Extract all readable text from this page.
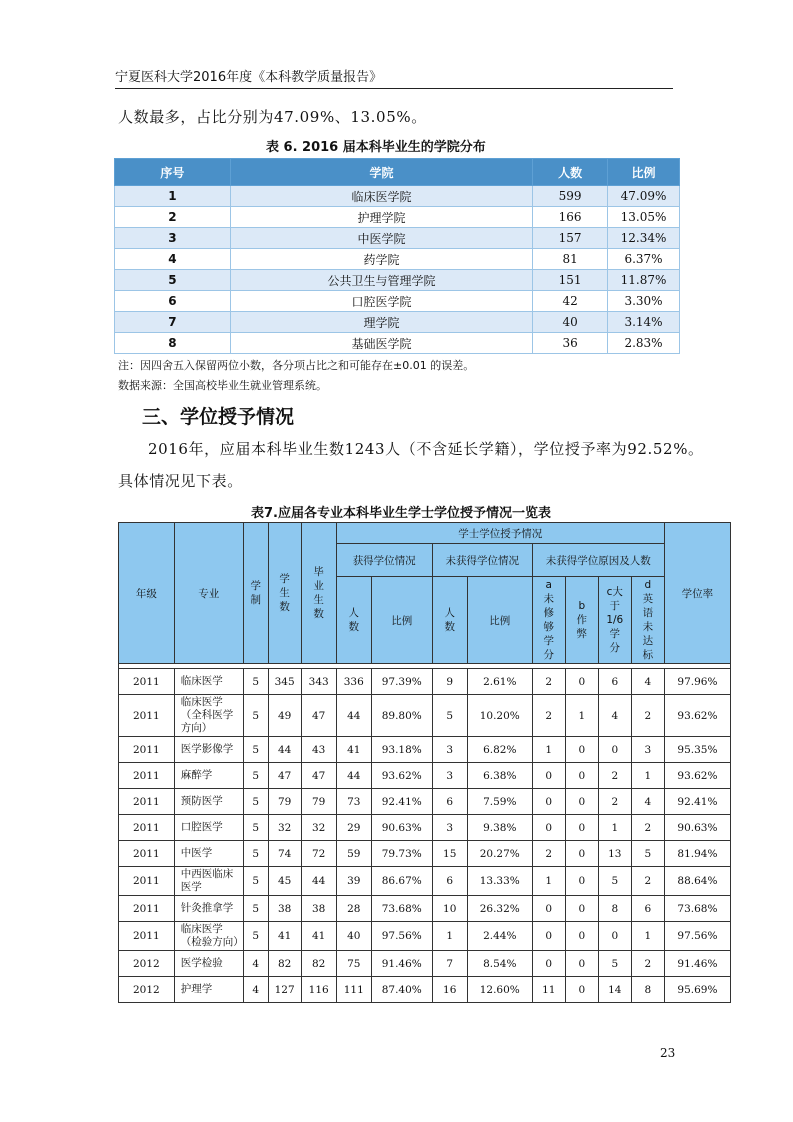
宁夏医科大学2016年度《本科教学质量报告》
人数最多，占比分别为47.09%、13.05%。
表 6. 2016 届本科毕业生的学院分布
序号	学院	人数	比例
1	临床医学院	599	47.09%
2	护理学院	166	13.05%
3	中医学院	157	12.34%
4	药学院	81	6.37%
5	公共卫生与管理学院	151	11.87%
6	口腔医学院	42	3.30%
7	理学院	40	3.14%
8	基础医学院	36	2.83%
注：因四舍五入保留两位小数，各分项占比之和可能存在±0.01 的误差。
数据来源：全国高校毕业生就业管理系统。
三、学位授予情况
2016年，应届本科毕业生数1243人（不含延长学籍），学位授予率为92.52%。
具体情况见下表。
表7.应届各专业本科毕业生学士学位授予情况一览表
年级	专业	学制	学生数	毕业生数	学士学位授予情况								学位率
					获得学位情况		未获得学位情况		未获得学位原因及人数				
					人数	比例	人数	比例	a未修够学分	b作弊	c大于1/6学分	d英语未达标	

2011	临床医学	5	345	343	336	97.39%	9	2.61%	2	0	6	4	97.96%
2011	临床医学（全科医学方向）	5	49	47	44	89.80%	5	10.20%	2	1	4	2	93.62%
2011	医学影像学	5	44	43	41	93.18%	3	6.82%	1	0	0	3	95.35%
2011	麻醉学	5	47	47	44	93.62%	3	6.38%	0	0	2	1	93.62%
2011	预防医学	5	79	79	73	92.41%	6	7.59%	0	0	2	4	92.41%
2011	口腔医学	5	32	32	29	90.63%	3	9.38%	0	0	1	2	90.63%
2011	中医学	5	74	72	59	79.73%	15	20.27%	2	0	13	5	81.94%
2011	中西医临床医学	5	45	44	39	86.67%	6	13.33%	1	0	5	2	88.64%
2011	针灸推拿学	5	38	38	28	73.68%	10	26.32%	0	0	8	6	73.68%
2011	临床医学（检验方向）	5	41	41	40	97.56%	1	2.44%	0	0	0	1	97.56%
2012	医学检验	4	82	82	75	91.46%	7	8.54%	0	0	5	2	91.46%
2012	护理学	4	127	116	111	87.40%	16	12.60%	11	0	14	8	95.69%
23
